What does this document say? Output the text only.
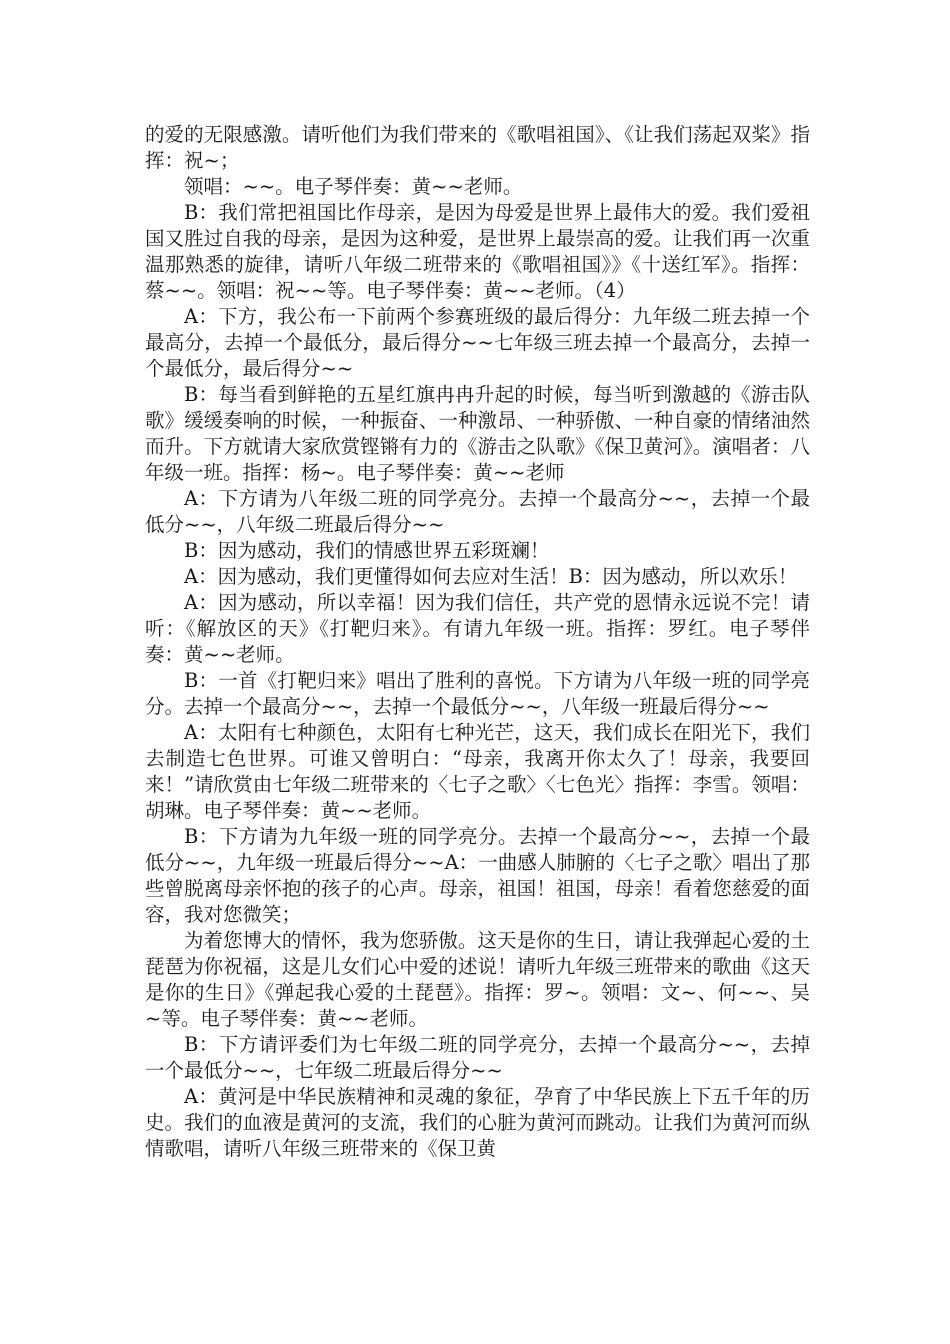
的爱的无限感激。请听他们为我们带来的《歌唱祖国》、《让我们荡起双桨》指挥：祝~；

领唱：~~。电子琴伴奏：黄~~老师。

B：我们常把祖国比作母亲，是因为母爱是世界上最伟大的爱。我们爱祖国又胜过自我的母亲，是因为这种爱，是世界上最崇高的爱。让我们再一次重温那熟悉的旋律，请听八年级二班带来的《歌唱祖国》》《十送红军》。指挥：蔡~~。领唱：祝~~等。电子琴伴奏：黄~~老师。（4）

A：下方，我公布一下前两个参赛班级的最后得分：九年级二班去掉一个最高分，去掉一个最低分，最后得分~~七年级三班去掉一个最高分，去掉一个最低分，最后得分~~

B：每当看到鲜艳的五星红旗冉冉升起的时候，每当听到激越的《游击队歌》缓缓奏响的时候，一种振奋、一种激昂、一种骄傲、一种自豪的情绪油然而升。下方就请大家欣赏铿锵有力的《游击之队歌》《保卫黄河》。演唱者：八年级一班。指挥：杨~。电子琴伴奏：黄~~老师

A：下方请为八年级二班的同学亮分。去掉一个最高分~~，去掉一个最低分~~，八年级二班最后得分~~

B：因为感动，我们的情感世界五彩斑斓！

A：因为感动，我们更懂得如何去应对生活！B：因为感动，所以欢乐！

A：因为感动，所以幸福！因为我们信任，共产党的恩情永远说不完！请听：《解放区的天》《打靶归来》。有请九年级一班。指挥：罗红。电子琴伴奏：黄~~老师。

B：一首《打靶归来》唱出了胜利的喜悦。下方请为八年级一班的同学亮分。去掉一个最高分~~，去掉一个最低分~~，八年级一班最后得分~~

A：太阳有七种颜色，太阳有七种光芒，这天，我们成长在阳光下，我们去制造七色世界。可谁又曾明白：“母亲，我离开你太久了！母亲，我要回来！”请欣赏由七年级二班带来的〈七子之歌〉〈七色光〉指挥：李雪。领唱：胡琳。电子琴伴奏：黄~~老师。

B：下方请为九年级一班的同学亮分。去掉一个最高分~~，去掉一个最低分~~，九年级一班最后得分~~A：一曲感人肺腑的〈七子之歌〉唱出了那些曾脱离母亲怀抱的孩子的心声。母亲，祖国！祖国，母亲！看着您慈爱的面容，我对您微笑；

为着您博大的情怀，我为您骄傲。这天是你的生日，请让我弹起心爱的土琵琶为你祝福，这是儿女们心中爱的述说！请听九年级三班带来的歌曲《这天是你的生日》《弹起我心爱的土琵琶》。指挥：罗~。领唱：文~、何~~、吴~等。电子琴伴奏：黄~~老师。

B：下方请评委们为七年级二班的同学亮分，去掉一个最高分~~，去掉一个最低分~~，七年级二班最后得分~~

A：黄河是中华民族精神和灵魂的象征，孕育了中华民族上下五千年的历史。我们的血液是黄河的支流，我们的心脏为黄河而跳动。让我们为黄河而纵情歌唱，请听八年级三班带来的《保卫黄
